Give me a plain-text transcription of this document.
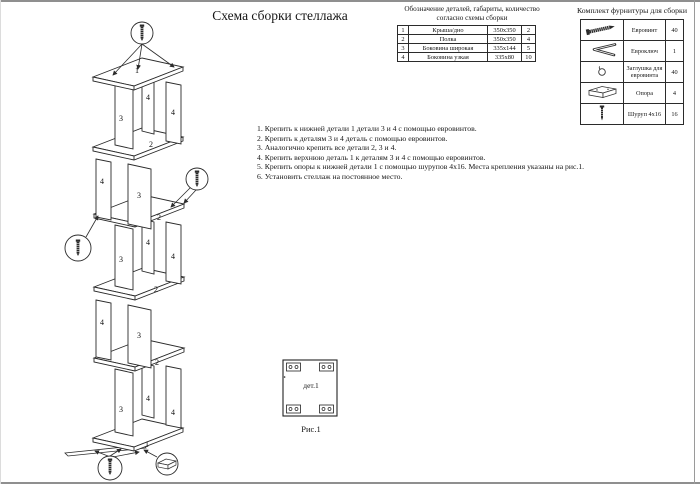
Схема сборки стеллажа	Обозначение деталей, габариты, количество
согласно схемы сборки
1	Крыша/дно	350х350	2
2	Полка	350х350	4
3	Боковина широкая	335х144	5
4	Боковина узкая	335х80	10
Комплект фурнитуры для сборки
	Евровинт	40
	Евроключ	1
	Заглушка для евровинта	40
	Опора	4
	Шуруп 4х16	16
1. Крепить к нижней детали 1 детали 3 и 4 с помощью евровинтов.
2. Крепить к деталям 3 и 4 деталь с помощью евровинтов.
3. Аналогично крепить все детали 2, 3 и 4.
4. Крепить верхнюю деталь 1 к деталям 3 и 4 с помощью евровинтов.
5. Крепить опоры к нижней детали 1 с помощью шурупов 4х16. Места крепления указаны на рис.1.
6. Установить стеллаж на постоянное место.
1
4
4
3
2
4
3
2
4
4
3
2
4
3
2
4
4
3
1
дет.1
Рис.1
